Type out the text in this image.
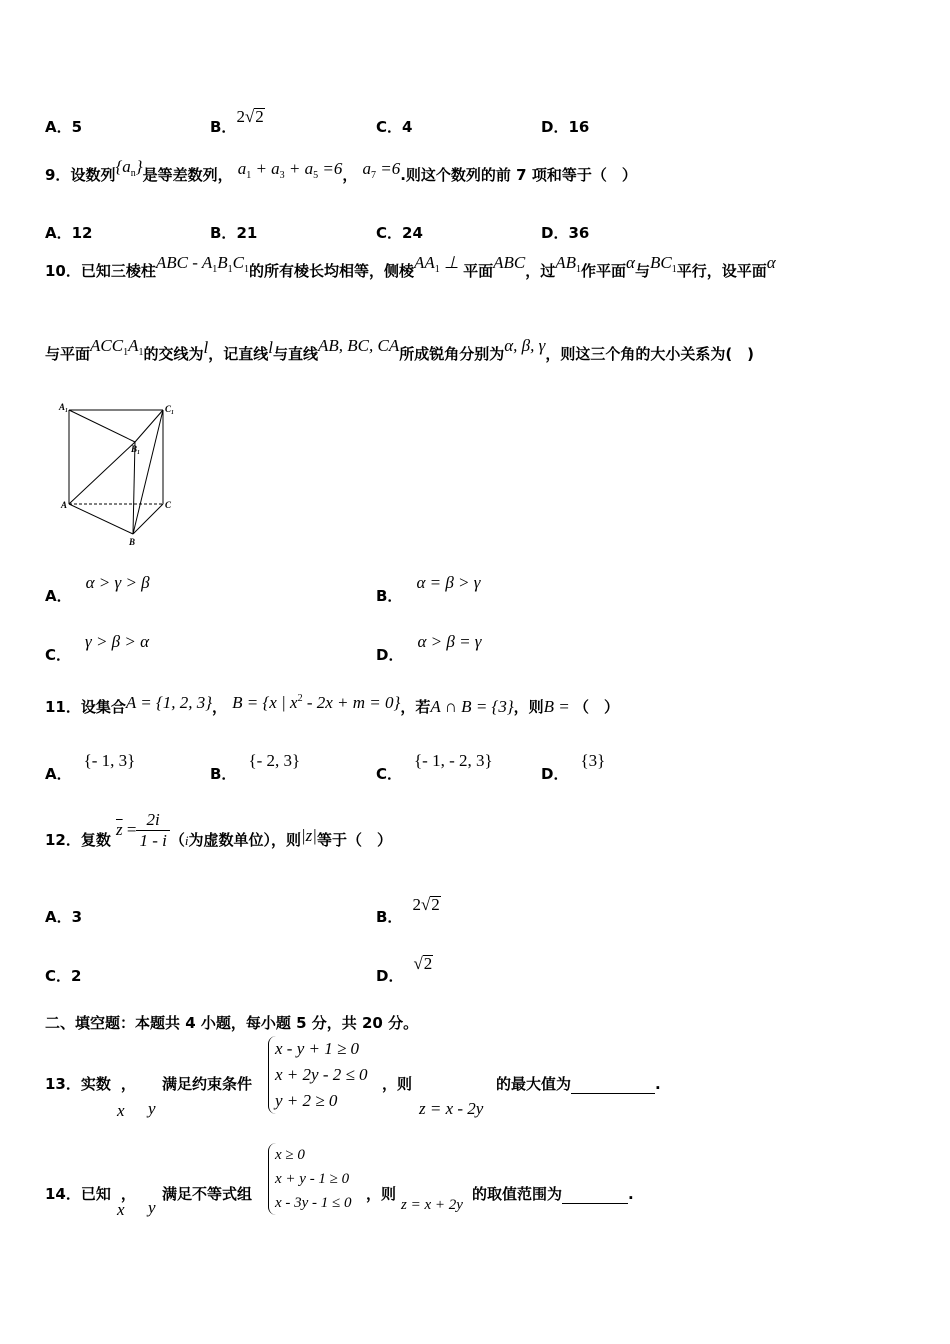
A．5	B．2√2
C．4	D．16
9．设数列$\{a_n\}$是等差数列， $a_1 + a_3 + a_5 =6$， $a_7 =6$.则这个数列的前 7 项和等于（　）
A．12	B．21	C．24	D．36
10．已知三棱柱ABC - $A_1B_1C_1$的所有棱长均相等，侧棱$AA_1$ ⊥ 平面ABC，过$AB_1$作平面α与$BC_1$平行，设平面α
与平面$ACC_1A_1$的交线为l，记直线l与直线AB, BC, CA所成锐角分别为α, β, γ，则这三个角的大小关系为(　)
A₁	C₁
B₁
A	C
B
A．α > γ > β
B．α = β > γ
C．γ > β > α
D．α > β = γ
11．设集合A = {1, 2, 3}， B = {x | $x^2 - 2x + m = 0$}，若A ∩ B = {3}，则B = （　）
A．{- 1, 3}
B．{- 2, 3}
C．{- 1, - 2, 3}
D．{3}
12．复数 $\overline{z} = \frac{2i}{1 - i} (_i$为虚数单位），则|z|等于（　）
A．3	B．2√2
C．2	D．√2
二、填空题：本题共 4 小题，每小题 5 分，共 20 分。
13．实数 ，
x y
满足约束条件
x - y + 1 ≥ 0
x + 2y - 2 ≤ 0
y + 2 ≥ 0
，则
z = x - 2y
的最大值为	.
14．已知 ，
x y
满足不等式组
x ≥ 0
x + y - 1 ≥ 0
x - 3y - 1 ≤ 0 ，则
z = x + 2y
的取值范围为	.
